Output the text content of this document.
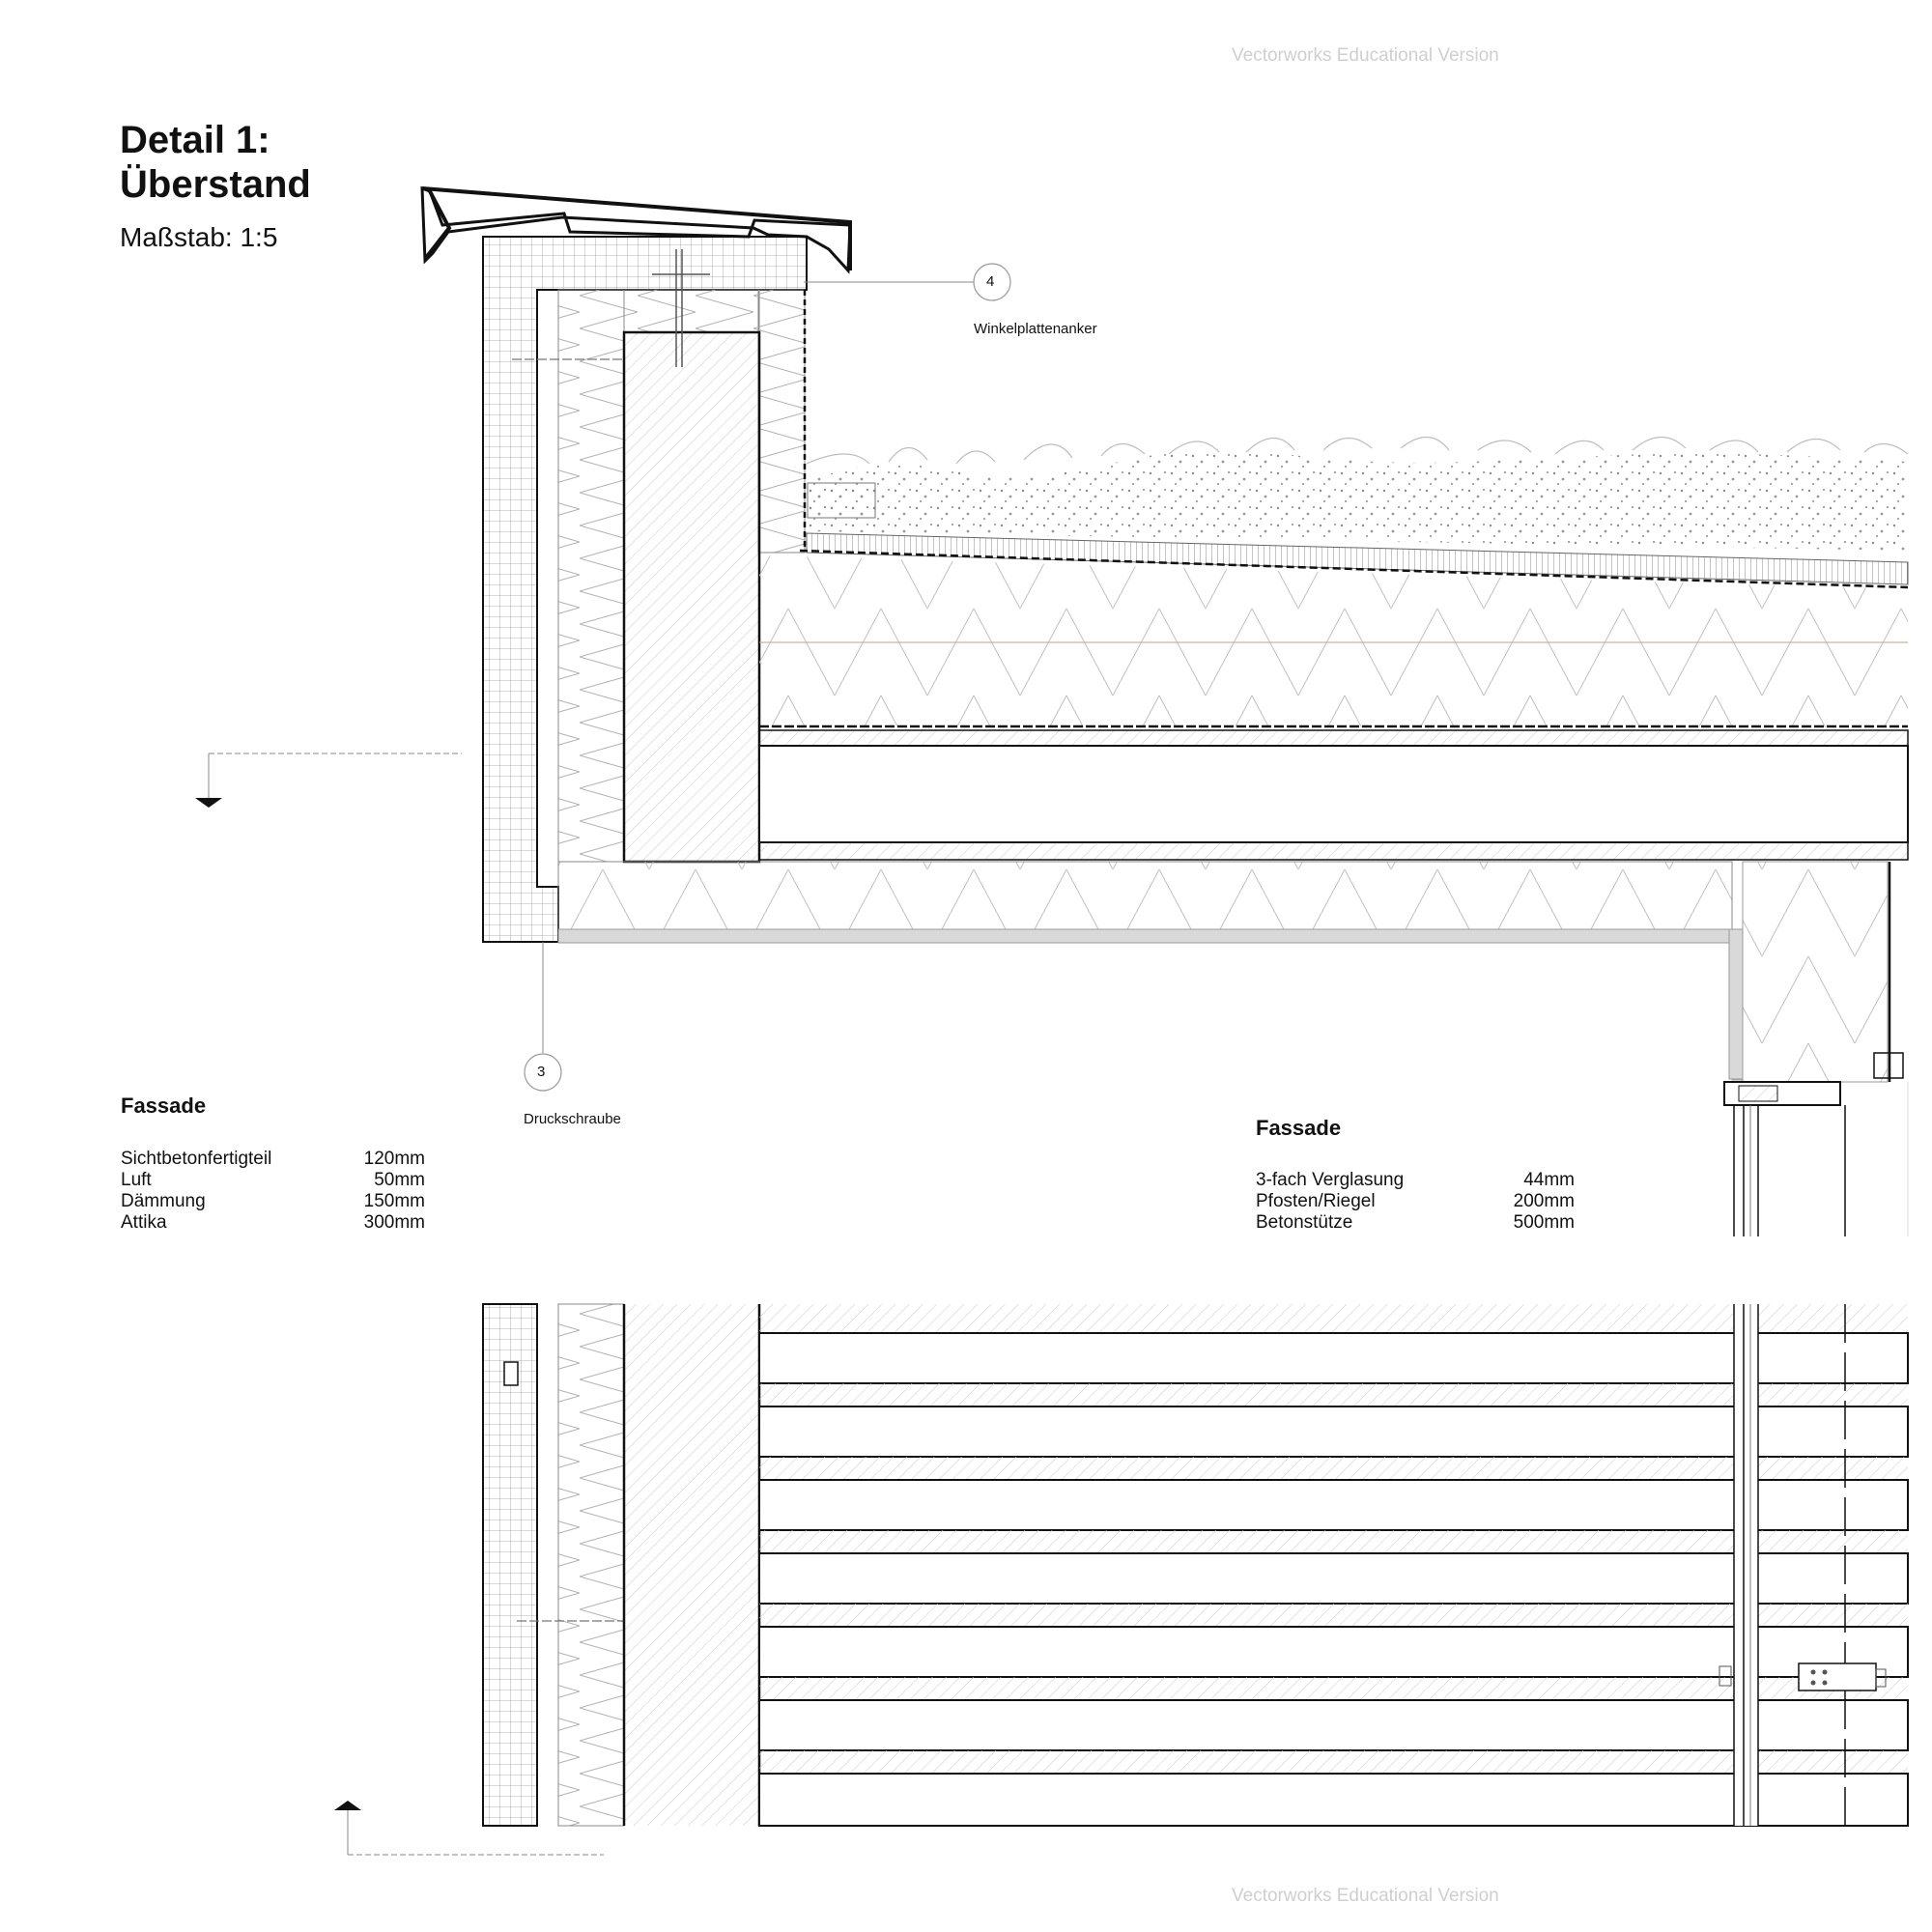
Detail 1:
Überstand
Maßstab: 1:5
Vectorworks Educational Version
Vectorworks Educational Version
4
Winkelplattenanker
3
Druckschraube
Fassade
Sichtbetonfertigteil	120mm
Luft	50mm
Dämmung	150mm
Attika	300mm
Fassade
3-fach Verglasung	44mm
Pfosten/Riegel	200mm
Betonstütze	500mm
